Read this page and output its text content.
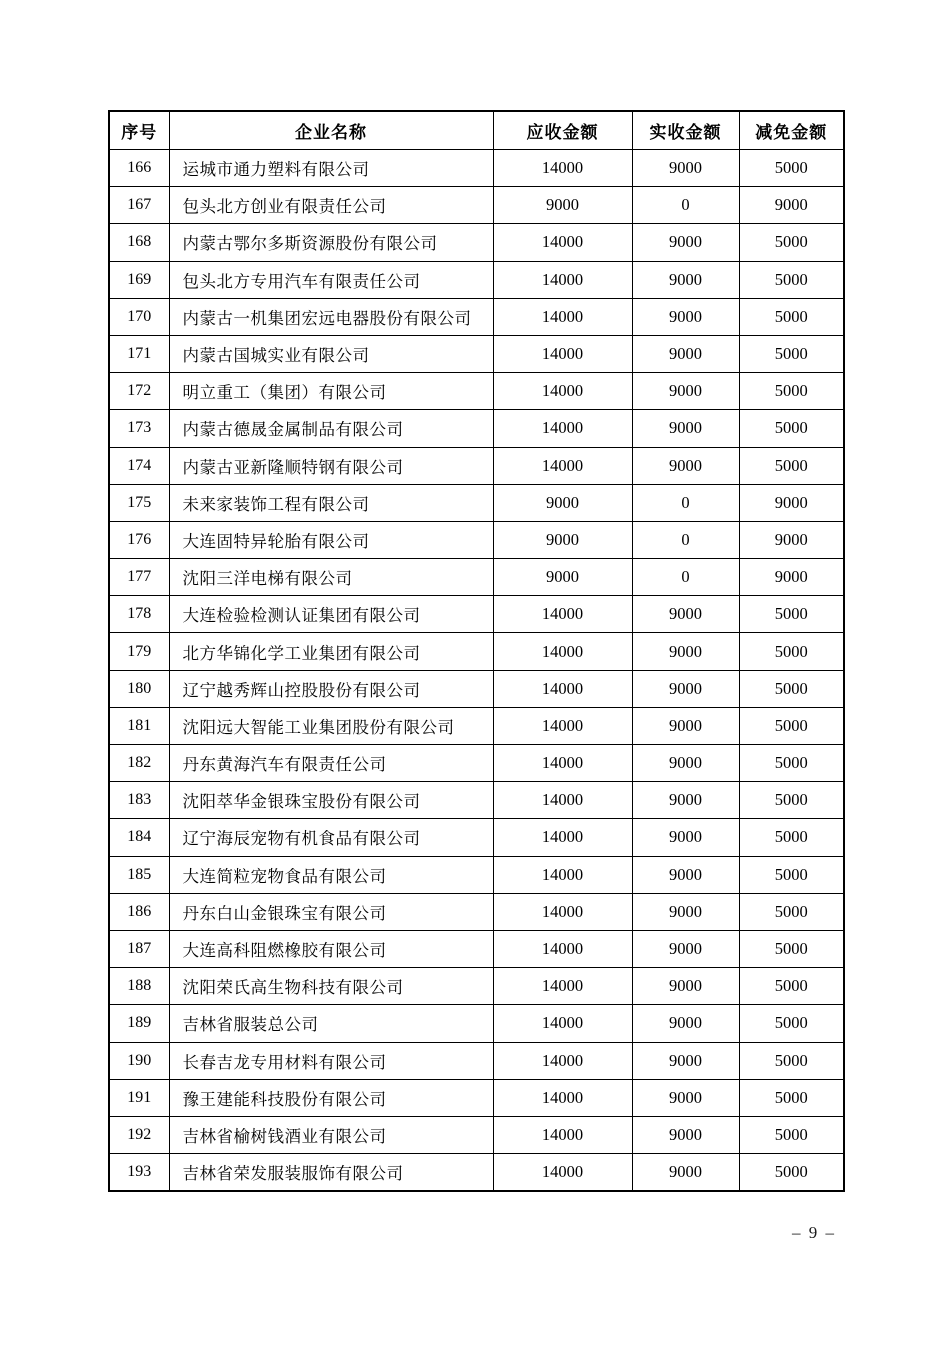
序号	企业名称	应收金额	实收金额	减免金额
166	运城市通力塑料有限公司	14000	9000	5000
167	包头北方创业有限责任公司	9000	0	9000
168	内蒙古鄂尔多斯资源股份有限公司	14000	9000	5000
169	包头北方专用汽车有限责任公司	14000	9000	5000
170	内蒙古一机集团宏远电器股份有限公司	14000	9000	5000
171	内蒙古国城实业有限公司	14000	9000	5000
172	明立重工（集团）有限公司	14000	9000	5000
173	内蒙古德晟金属制品有限公司	14000	9000	5000
174	内蒙古亚新隆顺特钢有限公司	14000	9000	5000
175	未来家装饰工程有限公司	9000	0	9000
176	大连固特异轮胎有限公司	9000	0	9000
177	沈阳三洋电梯有限公司	9000	0	9000
178	大连检验检测认证集团有限公司	14000	9000	5000
179	北方华锦化学工业集团有限公司	14000	9000	5000
180	辽宁越秀辉山控股股份有限公司	14000	9000	5000
181	沈阳远大智能工业集团股份有限公司	14000	9000	5000
182	丹东黄海汽车有限责任公司	14000	9000	5000
183	沈阳萃华金银珠宝股份有限公司	14000	9000	5000
184	辽宁海辰宠物有机食品有限公司	14000	9000	5000
185	大连简粒宠物食品有限公司	14000	9000	5000
186	丹东白山金银珠宝有限公司	14000	9000	5000
187	大连高科阻燃橡胶有限公司	14000	9000	5000
188	沈阳荣氏高生物科技有限公司	14000	9000	5000
189	吉林省服装总公司	14000	9000	5000
190	长春吉龙专用材料有限公司	14000	9000	5000
191	豫王建能科技股份有限公司	14000	9000	5000
192	吉林省榆树钱酒业有限公司	14000	9000	5000
193	吉林省荣发服装服饰有限公司	14000	9000	5000
– 9 –
